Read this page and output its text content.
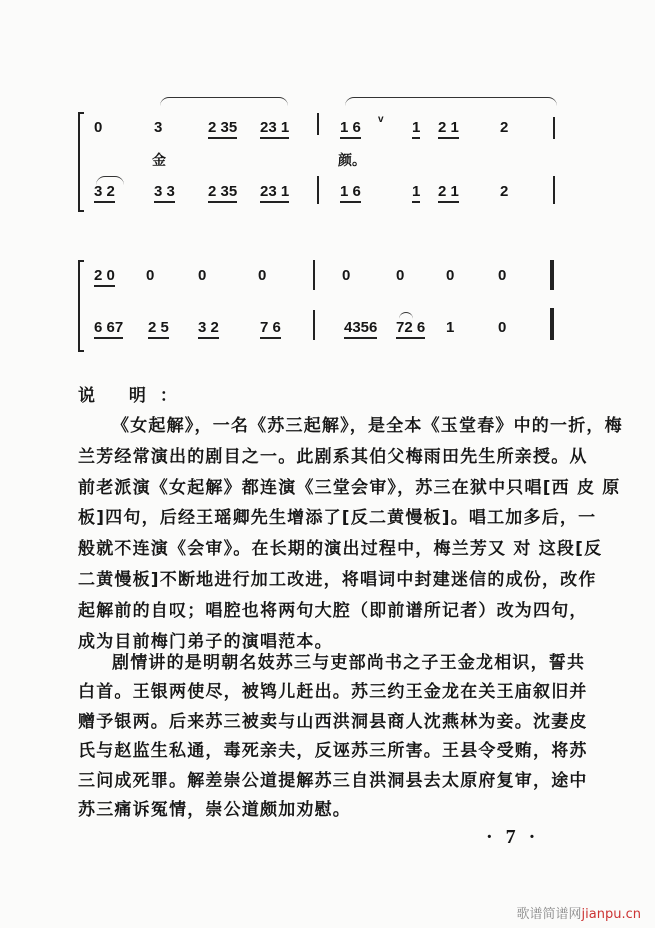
0	3	2 35 23 1	1 6 v 1 2 1	2
金	颜。
3 2	3 3 2 35 23 1	1 6	1 2 1	2
2 0 0	0	0	0	0	0	0
6 67 2 5 3 2	7 6	4356 72 6 1	0
说 明：
《女起解》，一名《苏三起解》，是全本《玉堂春》中的一折，梅
兰芳经常演出的剧目之一。此剧系其伯父梅雨田先生所亲授。从
前老派演《女起解》都连演《三堂会审》，苏三在狱中只唱[西 皮 原
板]四句，后经王瑶卿先生增添了[反二黄慢板]。唱工加多后，一
般就不连演《会审》。在长期的演出过程中，梅兰芳又 对 这段[反
二黄慢板]不断地进行加工改进，将唱词中封建迷信的成份，改作
起解前的自叹；唱腔也将两句大腔（即前谱所记者）改为四句，
成为目前梅门弟子的演唱范本。
剧情讲的是明朝名妓苏三与吏部尚书之子王金龙相识，誓共
白首。王银两使尽，被鸨儿赶出。苏三约王金龙在关王庙叙旧并
赠予银两。后来苏三被卖与山西洪洞县商人沈燕林为妾。沈妻皮
氏与赵监生私通，毒死亲夫，反诬苏三所害。王县令受贿，将苏
三问成死罪。解差崇公道提解苏三自洪洞县去太原府复审，途中
苏三痛诉冤情，崇公道颇加劝慰。
· 7 ·
歌谱简谱网jianpu.cn
